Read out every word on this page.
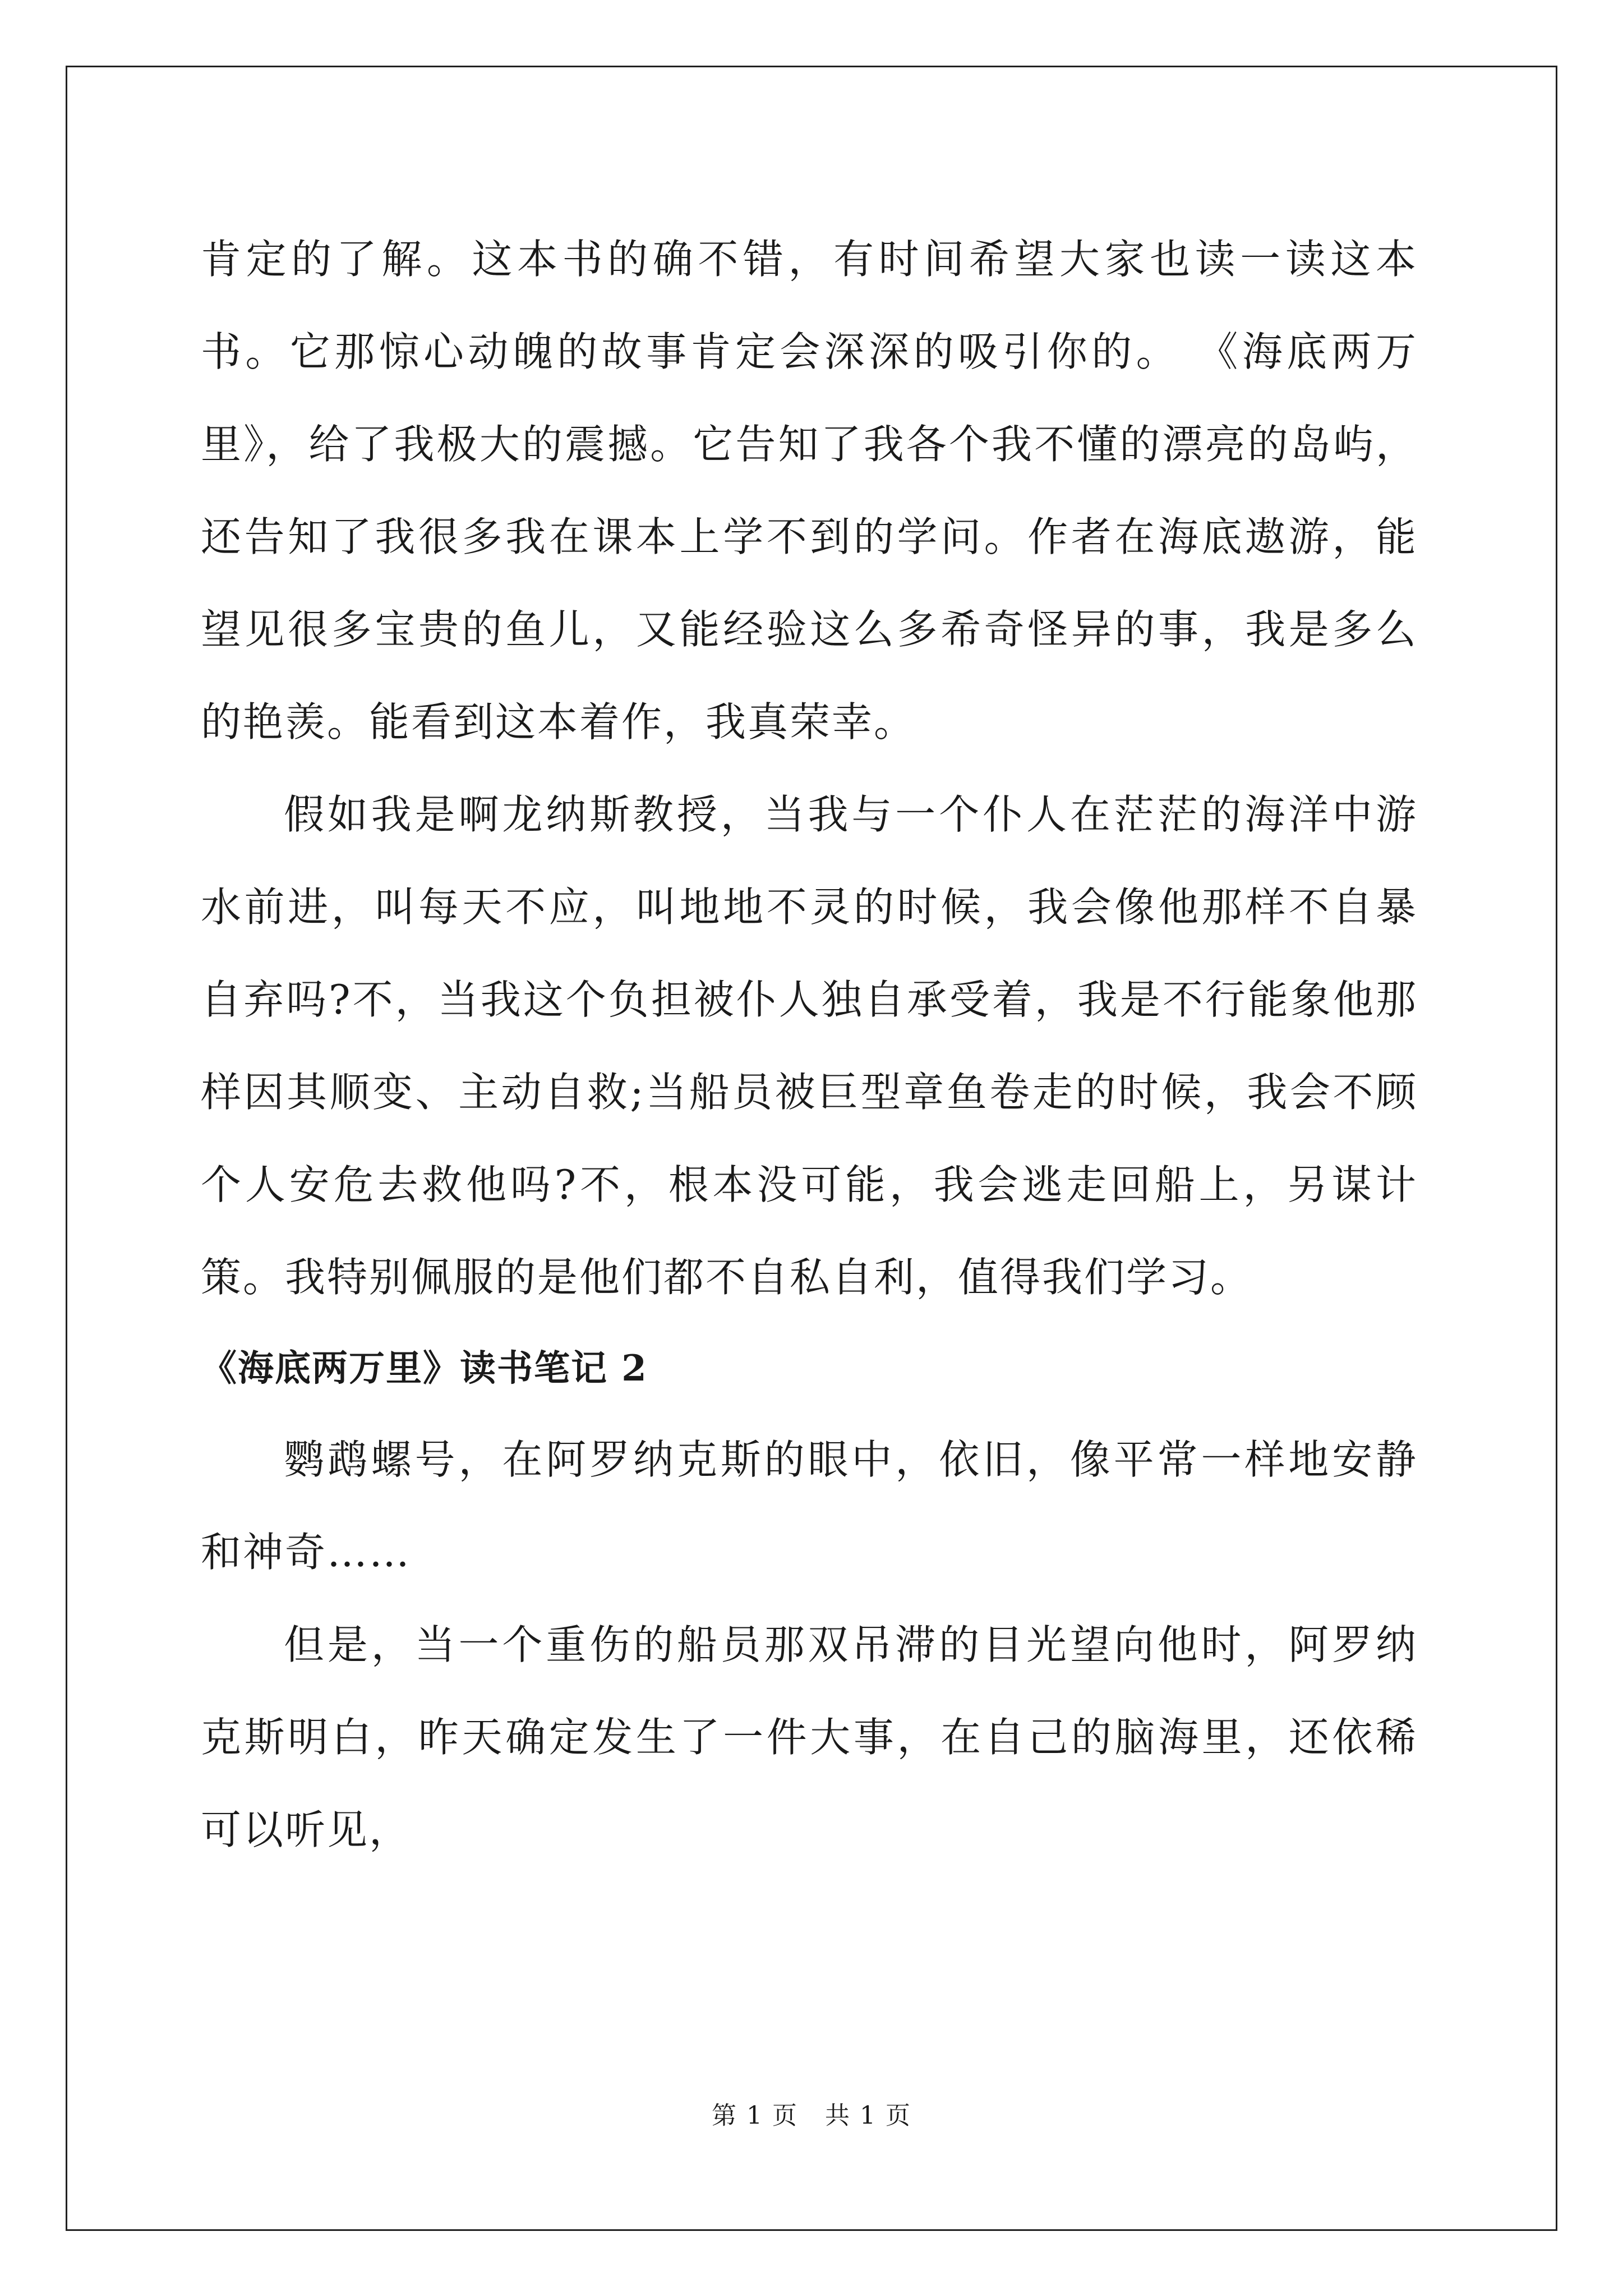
肯定的了解。这本书的确不错，有时间希望大家也读一读这本书。它那惊心动魄的故事肯定会深深的吸引你的。 《海底两万里》，给了我极大的震撼。它告知了我各个我不懂的漂亮的岛屿，还告知了我很多我在课本上学不到的学问。作者在海底遨游，能望见很多宝贵的鱼儿，又能经验这么多希奇怪异的事，我是多么的艳羡。能看到这本着作，我真荣幸。

假如我是啊龙纳斯教授，当我与一个仆人在茫茫的海洋中游水前进，叫每天不应，叫地地不灵的时候，我会像他那样不自暴自弃吗?不，当我这个负担被仆人独自承受着，我是不行能象他那样因其顺变、主动自救;当船员被巨型章鱼卷走的时候，我会不顾个人安危去救他吗?不，根本没可能，我会逃走回船上，另谋计策。我特别佩服的是他们都不自私自利，值得我们学习。

《海底两万里》读书笔记 2

鹦鹉螺号，在阿罗纳克斯的眼中，依旧，像平常一样地安静和神奇……

但是，当一个重伤的船员那双吊滞的目光望向他时，阿罗纳克斯明白，昨天确定发生了一件大事，在自己的脑海里，还依稀可以听见，

第 1 页   共 1 页
